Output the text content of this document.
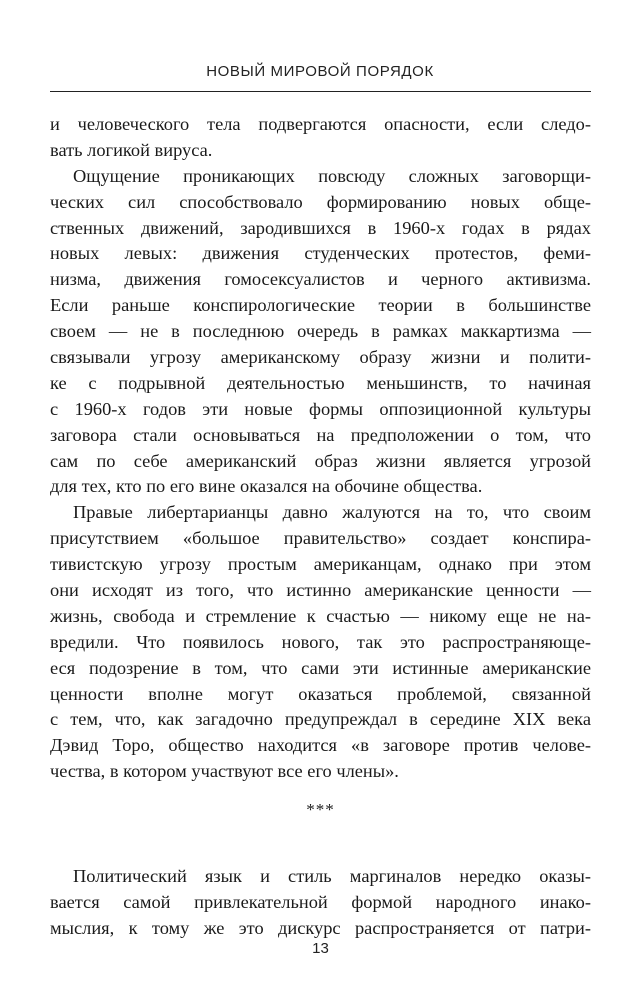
НОВЫЙ МИРОВОЙ ПОРЯДОК

и человеческого тела подвергаются опасности, если следо-
вать логикой вируса.

Ощущение проникающих повсюду сложных заговорщи-
ческих сил способствовало формированию новых обще-
ственных движений, зародившихся в 1960-х годах в рядах
новых левых: движения студенческих протестов, феми-
низма, движения гомосексуалистов и черного активизма.
Если раньше конспирологические теории в большинстве
своем — не в последнюю очередь в рамках маккартизма —
связывали угрозу американскому образу жизни и полити-
ке с подрывной деятельностью меньшинств, то начиная
с 1960-х годов эти новые формы оппозиционной культуры
заговора стали основываться на предположении о том, что
сам по себе американский образ жизни является угрозой
для тех, кто по его вине оказался на обочине общества.

Правые либертарианцы давно жалуются на то, что своим
присутствием «большое правительство» создает конспира-
тивистскую угрозу простым американцам, однако при этом
они исходят из того, что истинно американские ценности —
жизнь, свобода и стремление к счастью — никому еще не на-
вредили. Что появилось нового, так это распространяюще-
еся подозрение в том, что сами эти истинные американские
ценности вполне могут оказаться проблемой, связанной
с тем, что, как загадочно предупреждал в середине XIX века
Дэвид Торо, общество находится «в заговоре против челове-
чества, в котором участвуют все его члены».

***

Политический язык и стиль маргиналов нередко оказы-
вается самой привлекательной формой народного инако-
мыслия, к тому же это дискурс распространяется от патри-

13
